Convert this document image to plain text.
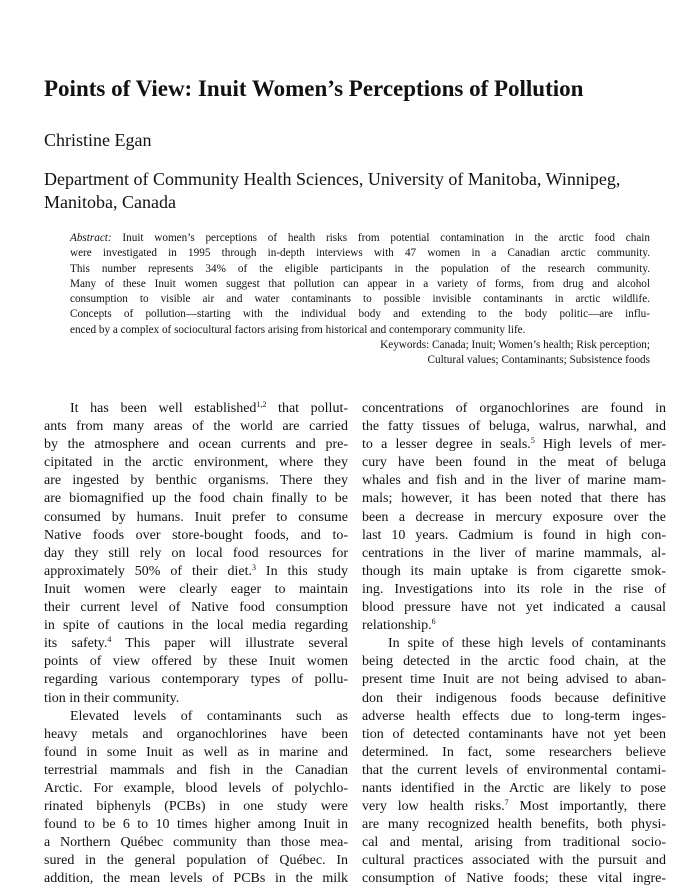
Points of View: Inuit Women’s Perceptions of Pollution
Christine Egan
Department of Community Health Sciences, University of Manitoba, Winnipeg,
Manitoba, Canada
Abstract: Inuit women’s perceptions of health risks from potential contamination in the arctic food chain
were investigated in 1995 through in-depth interviews with 47 women in a Canadian arctic community.
This number represents 34% of the eligible participants in the population of the research community.
Many of these Inuit women suggest that pollution can appear in a variety of forms, from drug and alcohol
consumption to visible air and water contaminants to possible invisible contaminants in arctic wildlife.
Concepts of pollution—starting with the individual body and extending to the body politic—are influ-
enced by a complex of sociocultural factors arising from historical and contemporary community life.
Keywords: Canada; Inuit; Women’s health; Risk perception;
Cultural values; Contaminants; Subsistence foods
It has been well established$^{1,2}$ that pollut-
ants from many areas of the world are carried
by the atmosphere and ocean currents and pre-
cipitated in the arctic environment, where they
are ingested by benthic organisms. There they
are biomagnified up the food chain finally to be
consumed by humans. Inuit prefer to consume
Native foods over store-bought foods, and to-
day they still rely on local food resources for
approximately 50% of their diet.$^3$ In this study
Inuit women were clearly eager to maintain
their current level of Native food consumption
in spite of cautions in the local media regarding
its safety.$^4$ This paper will illustrate several
points of view offered by these Inuit women
regarding various contemporary types of pollu-
tion in their community.
Elevated levels of contaminants such as
heavy metals and organochlorines have been
found in some Inuit as well as in marine and
terrestrial mammals and fish in the Canadian
Arctic. For example, blood levels of polychlo-
rinated biphenyls (PCBs) in one study were
found to be 6 to 10 times higher among Inuit in
a Northern Québec community than those mea-
sured in the general population of Québec. In
addition, the mean levels of PCBs in the milk
concentrations of organochlorines are found in
the fatty tissues of beluga, walrus, narwhal, and
to a lesser degree in seals.$^5$ High levels of mer-
cury have been found in the meat of beluga
whales and fish and in the liver of marine mam-
mals; however, it has been noted that there has
been a decrease in mercury exposure over the
last 10 years. Cadmium is found in high con-
centrations in the liver of marine mammals, al-
though its main uptake is from cigarette smok-
ing. Investigations into its role in the rise of
blood pressure have not yet indicated a causal
relationship.$^6$
In spite of these high levels of contaminants
being detected in the arctic food chain, at the
present time Inuit are not being advised to aban-
don their indigenous foods because definitive
adverse health effects due to long-term inges-
tion of detected contaminants have not yet been
determined. In fact, some researchers believe
that the current levels of environmental contami-
nants identified in the Arctic are likely to pose
very low health risks.$^7$ Most importantly, there
are many recognized health benefits, both physi-
cal and mental, arising from traditional socio-
cultural practices associated with the pursuit and
consumption of Native foods; these vital ingre-
